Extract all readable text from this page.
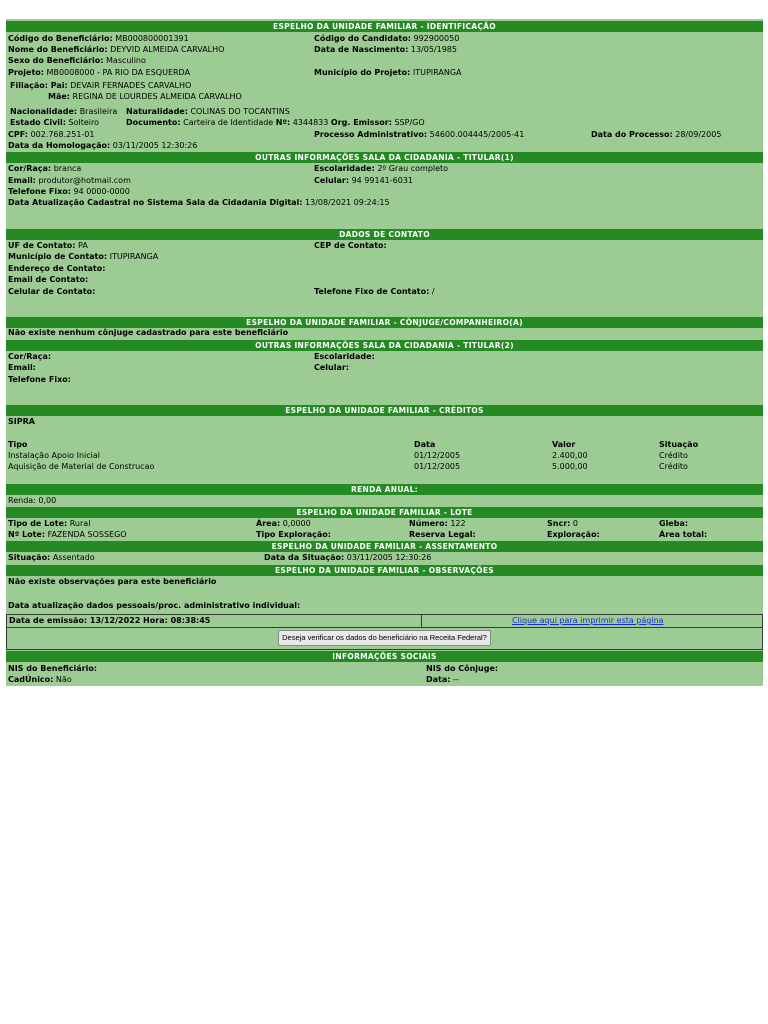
ESPELHO DA UNIDADE FAMILIAR - IDENTIFICAÇÃO
Código do Beneficiário: MB000800001391	Código do Candidato: 992900050
Nome do Beneficiário: DEYVID ALMEIDA CARVALHO	Data de Nascimento: 13/05/1985
Sexo do Beneficiário: Masculino
Projeto: MB0008000 - PA RIO DA ESQUERDA	Município do Projeto: ITUPIRANGA
Filiação: Pai: DEVAIR FERNADES CARVALHO
Mãe: REGINA DE LOURDES ALMEIDA CARVALHO
Nacionalidade: Brasileira Naturalidade: COLINAS DO TOCANTINS
Estado Civil: Solteiro	Documento: Carteira de Identidade Nº: 4344833 Org. Emissor: SSP/GO
CPF: 002.768.251-01	Processo Administrativo: 54600.004445/2005-41	Data do Processo: 28/09/2005
Data da Homologação: 03/11/2005 12:30:26
OUTRAS INFORMAÇÕES SALA DA CIDADANIA - TITULAR(1)
Cor/Raça: branca	Escolaridade: 2º Grau completo
Email: produtor@hotmail.com	Celular: 94 99141-6031
Telefone Fixo: 94 0000-0000
Data Atualização Cadastral no Sistema Sala da Cidadania Digital: 13/08/2021 09:24:15
DADOS DE CONTATO
UF de Contato: PA	CEP de Contato:
Município de Contato: ITUPIRANGA
Endereço de Contato:
Email de Contato:
Celular de Contato:	Telefone Fixo de Contato: /
ESPELHO DA UNIDADE FAMILIAR - CÔNJUGE/COMPANHEIRO(A)
Não existe nenhum cônjuge cadastrado para este beneficiário
OUTRAS INFORMAÇÕES SALA DA CIDADANIA - TITULAR(2)
Cor/Raça:	Escolaridade:
Email:	Celular:
Telefone Fixo:
ESPELHO DA UNIDADE FAMILIAR - CRÉDITOS
SIPRA
Tipo	Data	Valor	Situação
Instalação Apoio Inicial	01/12/2005	2.400,00	Crédito
Aquisição de Material de Construcao	01/12/2005	5.000,00	Crédito
RENDA ANUAL:
Renda: 0,00
ESPELHO DA UNIDADE FAMILIAR - LOTE
Tipo de Lote: Rural	Área: 0,0000	Número: 122	Sncr: 0	Gleba:
Nº Lote: FAZENDA SOSSEGO	Tipo Exploração:	Reserva Legal:	Exploração:	Área total:
ESPELHO DA UNIDADE FAMILIAR - ASSENTAMENTO
Situação: Assentado	Data da Situação: 03/11/2005 12:30:26
ESPELHO DA UNIDADE FAMILIAR - OBSERVAÇÕES
Não existe observações para este beneficiário
Data atualização dados pessoais/proc. administrativo individual:
Data de emissão: 13/12/2022 Hora: 08:38:45	Clique aqui para imprimir esta página
Deseja verificar os dados do beneficiário na Receita Federal?
INFORMAÇÕES SOCIAIS
NIS do Beneficiário:	NIS do Cônjuge:
CadÚnico: Não	Data: --
